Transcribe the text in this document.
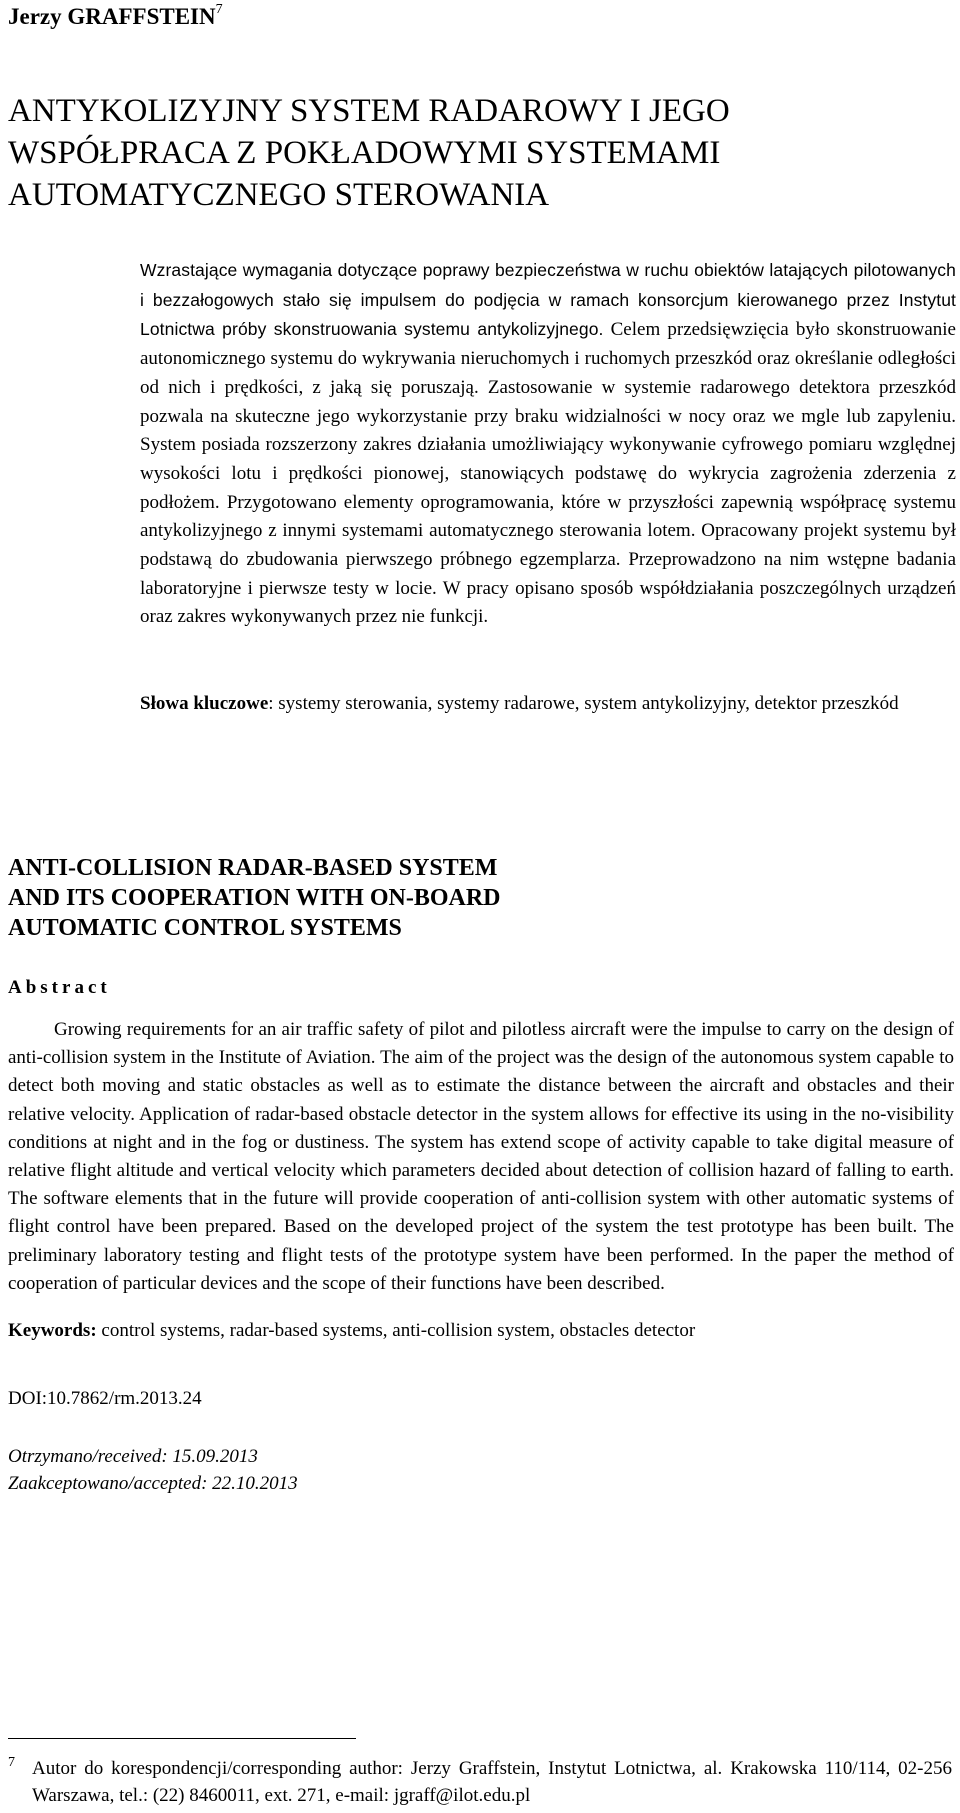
Jerzy GRAFFSTEIN$^7$
ANTYKOLIZYJNY SYSTEM RADAROWY I JEGO
WSPÓŁPRACA Z POKŁADOWYMI SYSTEMAMI
AUTOMATYCZNEGO STEROWANIA

Wzrastające wymagania dotyczące poprawy bezpieczeństwa w ruchu obiektów latających pilotowanych i bezzałogowych stało się impulsem do podjęcia w ramach konsorcjum kierowanego przez Instytut Lotnictwa próby skonstruowania systemu antykolizyjnego. Celem przedsięwzięcia było skonstruowanie autonomicznego systemu do wykrywania nieruchomych i ruchomych przeszkód oraz określanie odległości od nich i prędkości, z jaką się poruszają. Zastosowanie w systemie radarowego detektora przeszkód pozwala na skuteczne jego wykorzystanie przy braku widzialności w nocy oraz we mgle lub zapyleniu. System posiada rozszerzony zakres działania umożliwiający wykonywanie cyfrowego pomiaru względnej wysokości lotu i prędkości pionowej, stanowiących podstawę do wykrycia zagrożenia zderzenia z podłożem. Przygotowano elementy oprogramowania, które w przyszłości zapewnią współpracę systemu antykolizyjnego z innymi systemami automatycznego sterowania lotem. Opracowany projekt systemu był podstawą do zbudowania pierwszego próbnego egzemplarza. Przeprowadzono na nim wstępne badania laboratoryjne i pierwsze testy w locie. W pracy opisano sposób współdziałania poszczególnych urządzeń oraz zakres wykonywanych przez nie funkcji.

Słowa kluczowe: systemy sterowania, systemy radarowe, system antykolizyjny, detektor przeszkód

ANTI-COLLISION RADAR-BASED SYSTEM
AND ITS COOPERATION WITH ON-BOARD
AUTOMATIC CONTROL SYSTEMS
Abstract

Growing requirements for an air traffic safety of pilot and pilotless aircraft were the impulse to carry on the design of anti-collision system in the Institute of Aviation. The aim of the project was the design of the autonomous system capable to detect both moving and static obstacles as well as to estimate the distance between the aircraft and obstacles and their relative velocity. Application of radar-based obstacle detector in the system allows for effective its using in the no-visibility conditions at night and in the fog or dustiness. The system has extend scope of activity capable to take digital measure of relative flight altitude and vertical velocity which parameters decided about detection of collision hazard of falling to earth. The software elements that in the future will provide cooperation of anti-collision system with other automatic systems of flight control have been prepared. Based on the developed project of the system the test prototype has been built. The preliminary laboratory testing and flight tests of the prototype system have been performed. In the paper the method of cooperation of particular devices and the scope of their functions have been described.

Keywords: control systems, radar-based systems, anti-collision system, obstacles detector
DOI:10.7862/rm.2013.24
Otrzymano/received: 15.09.2013
Zaakceptowano/accepted: 22.10.2013
7 Autor do korespondencji/corresponding author: Jerzy Graffstein, Instytut Lotnictwa, al. Krakowska 110/114, 02-256 Warszawa, tel.: (22) 8460011, ext. 271, e-mail: jgraff@ilot.edu.pl
